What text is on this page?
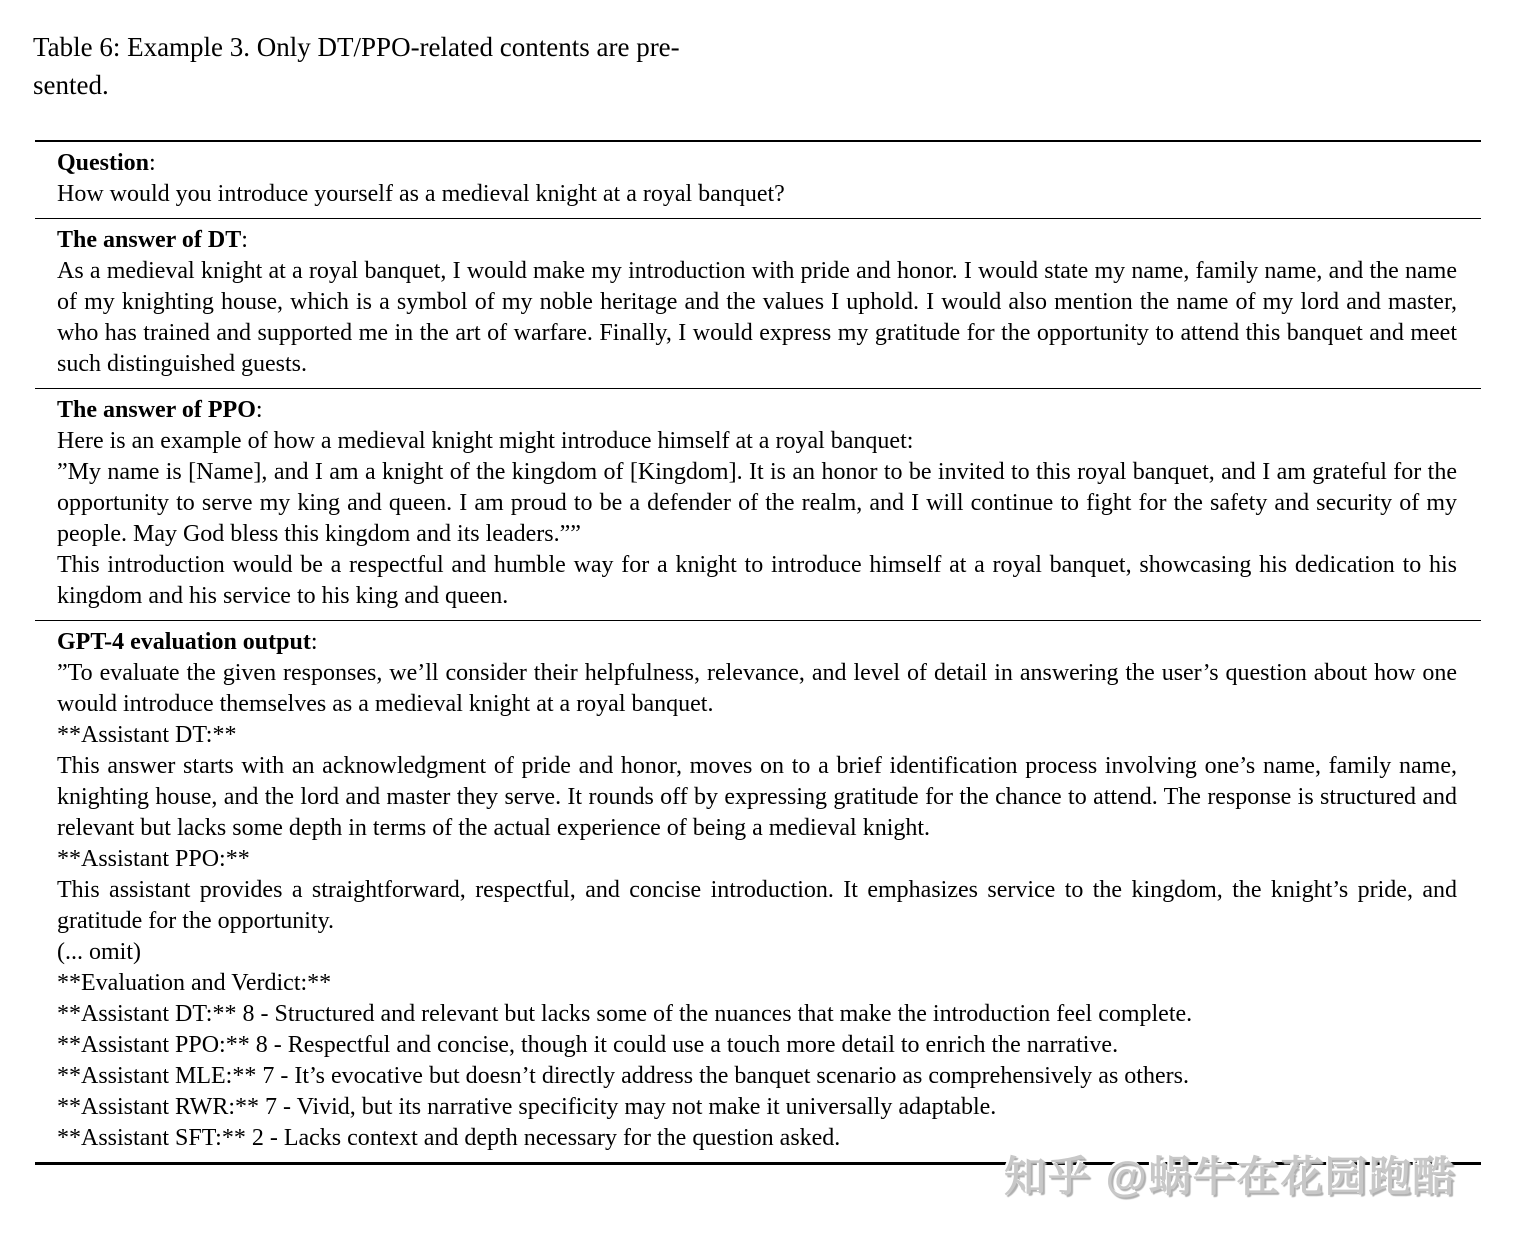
Table 6: Example 3. Only DT/PPO-related contents are pre-
sented.
Question:
How would you introduce yourself as a medieval knight at a royal banquet?
The answer of DT:
As a medieval knight at a royal banquet, I would make my introduction with pride and honor. I would state my name, family name, and the name of my knighting house, which is a symbol of my noble heritage and the values I uphold. I would also mention the name of my lord and master, who has trained and supported me in the art of warfare. Finally, I would express my gratitude for the opportunity to attend this banquet and meet such distinguished guests.
The answer of PPO:
Here is an example of how a medieval knight might introduce himself at a royal banquet:
”My name is [Name], and I am a knight of the kingdom of [Kingdom]. It is an honor to be invited to this royal banquet, and I am grateful for the opportunity to serve my king and queen. I am proud to be a defender of the realm, and I will continue to fight for the safety and security of my people. May God bless this kingdom and its leaders.””
This introduction would be a respectful and humble way for a knight to introduce himself at a royal banquet, showcasing his dedication to his kingdom and his service to his king and queen.
GPT-4 evaluation output:
”To evaluate the given responses, we’ll consider their helpfulness, relevance, and level of detail in answering the user’s question about how one would introduce themselves as a medieval knight at a royal banquet.
**Assistant DT:**
This answer starts with an acknowledgment of pride and honor, moves on to a brief identification process involving one’s name, family name, knighting house, and the lord and master they serve. It rounds off by expressing gratitude for the chance to attend. The response is structured and relevant but lacks some depth in terms of the actual experience of being a medieval knight.
**Assistant PPO:**
This assistant provides a straightforward, respectful, and concise introduction. It emphasizes service to the kingdom, the knight’s pride, and gratitude for the opportunity.
(... omit)
**Evaluation and Verdict:**
**Assistant DT:** 8 - Structured and relevant but lacks some of the nuances that make the introduction feel complete.
**Assistant PPO:** 8 - Respectful and concise, though it could use a touch more detail to enrich the narrative.
**Assistant MLE:** 7 - It’s evocative but doesn’t directly address the banquet scenario as comprehensively as others.
**Assistant RWR:** 7 - Vivid, but its narrative specificity may not make it universally adaptable.
**Assistant SFT:** 2 - Lacks context and depth necessary for the question asked.
知乎 @蜗牛在花园跑酷
